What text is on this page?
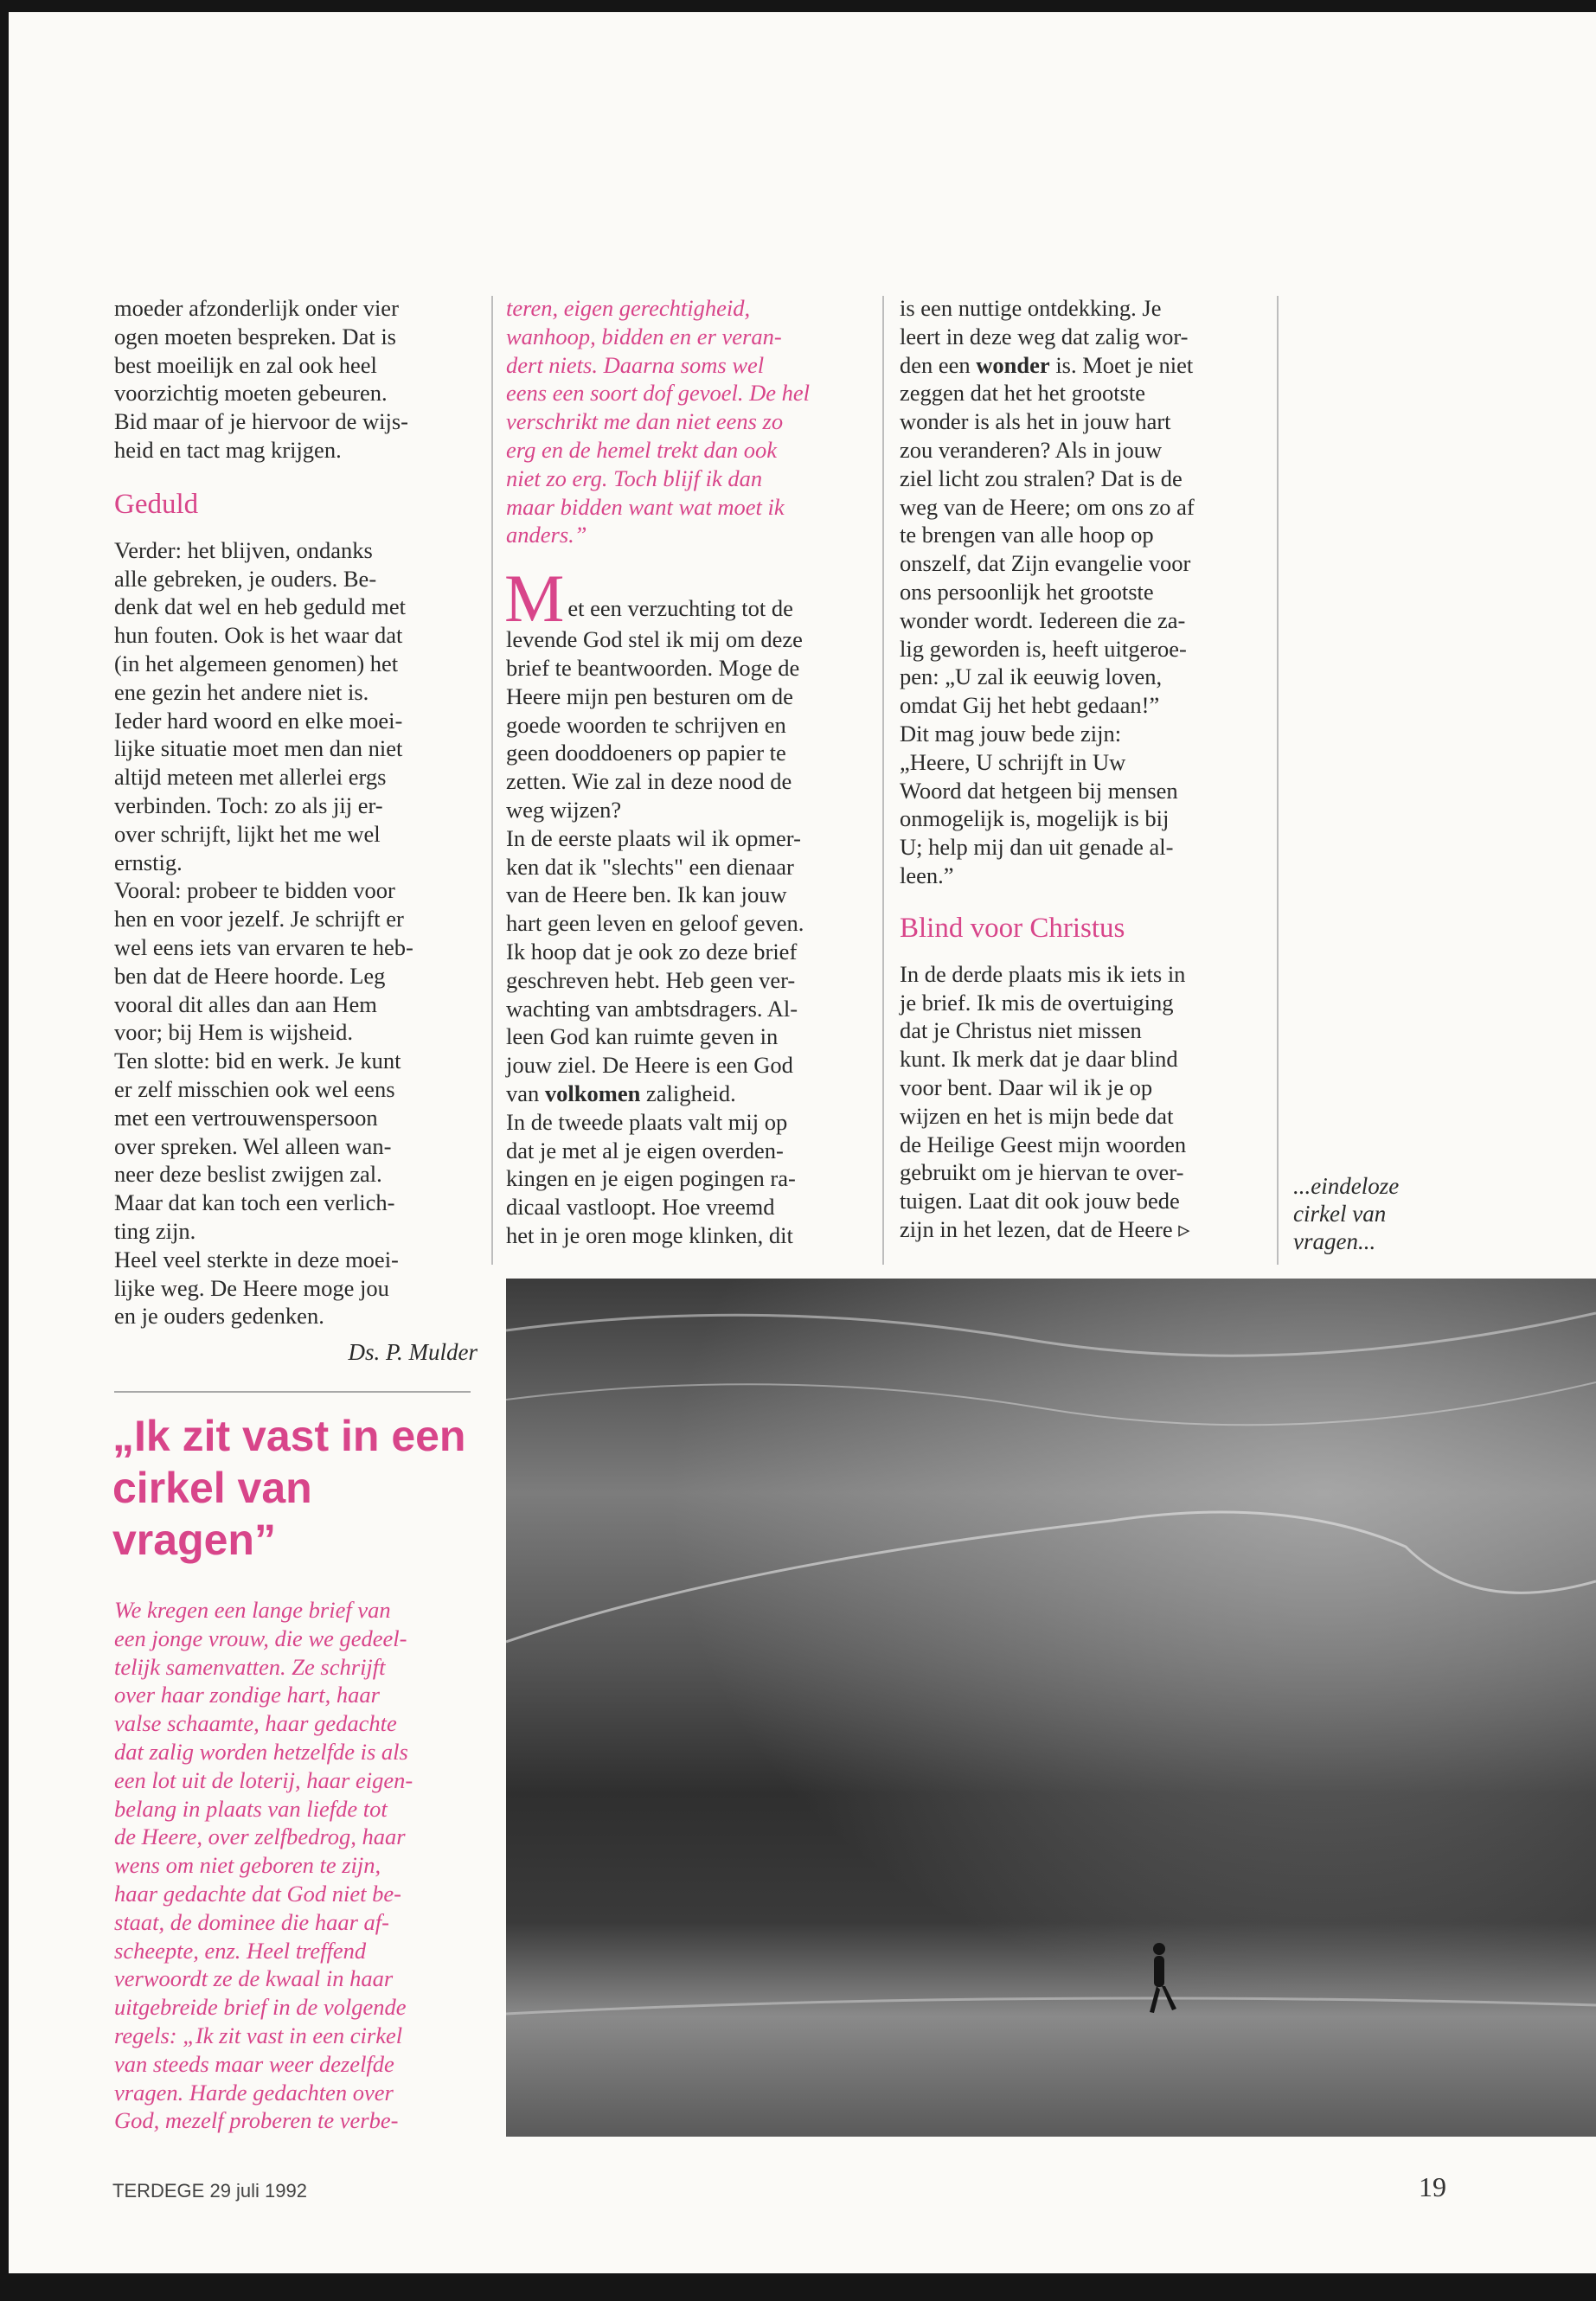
moeder afzonderlijk onder vier
ogen moeten bespreken. Dat is
best moeilijk en zal ook heel
voorzichtig moeten gebeuren.
Bid maar of je hiervoor de wijs-
heid en tact mag krijgen.

Geduld

Verder: het blijven, ondanks
alle gebreken, je ouders. Be-
denk dat wel en heb geduld met
hun fouten. Ook is het waar dat
(in het algemeen genomen) het
ene gezin het andere niet is.
Ieder hard woord en elke moei-
lijke situatie moet men dan niet
altijd meteen met allerlei ergs
verbinden. Toch: zo als jij er-
over schrijft, lijkt het me wel
ernstig.
Vooral: probeer te bidden voor
hen en voor jezelf. Je schrijft er
wel eens iets van ervaren te heb-
ben dat de Heere hoorde. Leg
vooral dit alles dan aan Hem
voor; bij Hem is wijsheid.
Ten slotte: bid en werk. Je kunt
er zelf misschien ook wel eens
met een vertrouwenspersoon
over spreken. Wel alleen wan-
neer deze beslist zwijgen zal.
Maar dat kan toch een verlich-
ting zijn.
Heel veel sterkte in deze moei-
lijke weg. De Heere moge jou
en je ouders gedenken.

Ds. P. Mulder
„Ik zit vast in een
cirkel van
vragen”

We kregen een lange brief van
een jonge vrouw, die we gedeel-
telijk samenvatten. Ze schrijft
over haar zondige hart, haar
valse schaamte, haar gedachte
dat zalig worden hetzelfde is als
een lot uit de loterij, haar eigen-
belang in plaats van liefde tot
de Heere, over zelfbedrog, haar
wens om niet geboren te zijn,
haar gedachte dat God niet be-
staat, de dominee die haar af-
scheepte, enz. Heel treffend
verwoordt ze de kwaal in haar
uitgebreide brief in de volgende
regels: „Ik zit vast in een cirkel
van steeds maar weer dezelfde
vragen. Harde gedachten over
God, mezelf proberen te verbe-

teren, eigen gerechtigheid,
wanhoop, bidden en er veran-
dert niets. Daarna soms wel
eens een soort dof gevoel. De hel
verschrikt me dan niet eens zo
erg en de hemel trekt dan ook
niet zo erg. Toch blijf ik dan
maar bidden want wat moet ik
anders.”

M et een verzuchting tot de

levende God stel ik mij om deze
brief te beantwoorden. Moge de
Heere mijn pen besturen om de
goede woorden te schrijven en
geen dooddoeners op papier te
zetten. Wie zal in deze nood de
weg wijzen?
In de eerste plaats wil ik opmer-
ken dat ik "slechts" een dienaar
van de Heere ben. Ik kan jouw
hart geen leven en geloof geven.
Ik hoop dat je ook zo deze brief
geschreven hebt. Heb geen ver-
wachting van ambtsdragers. Al-
leen God kan ruimte geven in
jouw ziel. De Heere is een God
van volkomen zaligheid.
In de tweede plaats valt mij op
dat je met al je eigen overden-
kingen en je eigen pogingen ra-
dicaal vastloopt. Hoe vreemd
het in je oren moge klinken, dit

is een nuttige ontdekking. Je
leert in deze weg dat zalig wor-
den een wonder is. Moet je niet
zeggen dat het het grootste
wonder is als het in jouw hart
zou veranderen? Als in jouw
ziel licht zou stralen? Dat is de
weg van de Heere; om ons zo af
te brengen van alle hoop op
onszelf, dat Zijn evangelie voor
ons persoonlijk het grootste
wonder wordt. Iedereen die za-
lig geworden is, heeft uitgeroe-
pen: „U zal ik eeuwig loven,
omdat Gij het hebt gedaan!”
Dit mag jouw bede zijn:
„Heere, U schrijft in Uw
Woord dat hetgeen bij mensen
onmogelijk is, mogelijk is bij
U; help mij dan uit genade al-
leen.”

Blind voor Christus

In de derde plaats mis ik iets in
je brief. Ik mis de overtuiging
dat je Christus niet missen
kunt. Ik merk dat je daar blind
voor bent. Daar wil ik je op
wijzen en het is mijn bede dat
de Heilige Geest mijn woorden
gebruikt om je hiervan te over-
tuigen. Laat dit ook jouw bede
zijn in het lezen, dat de Heere ▹

...eindeloze
cirkel van
vragen...
TERDEGE 29 juli 1992	19
